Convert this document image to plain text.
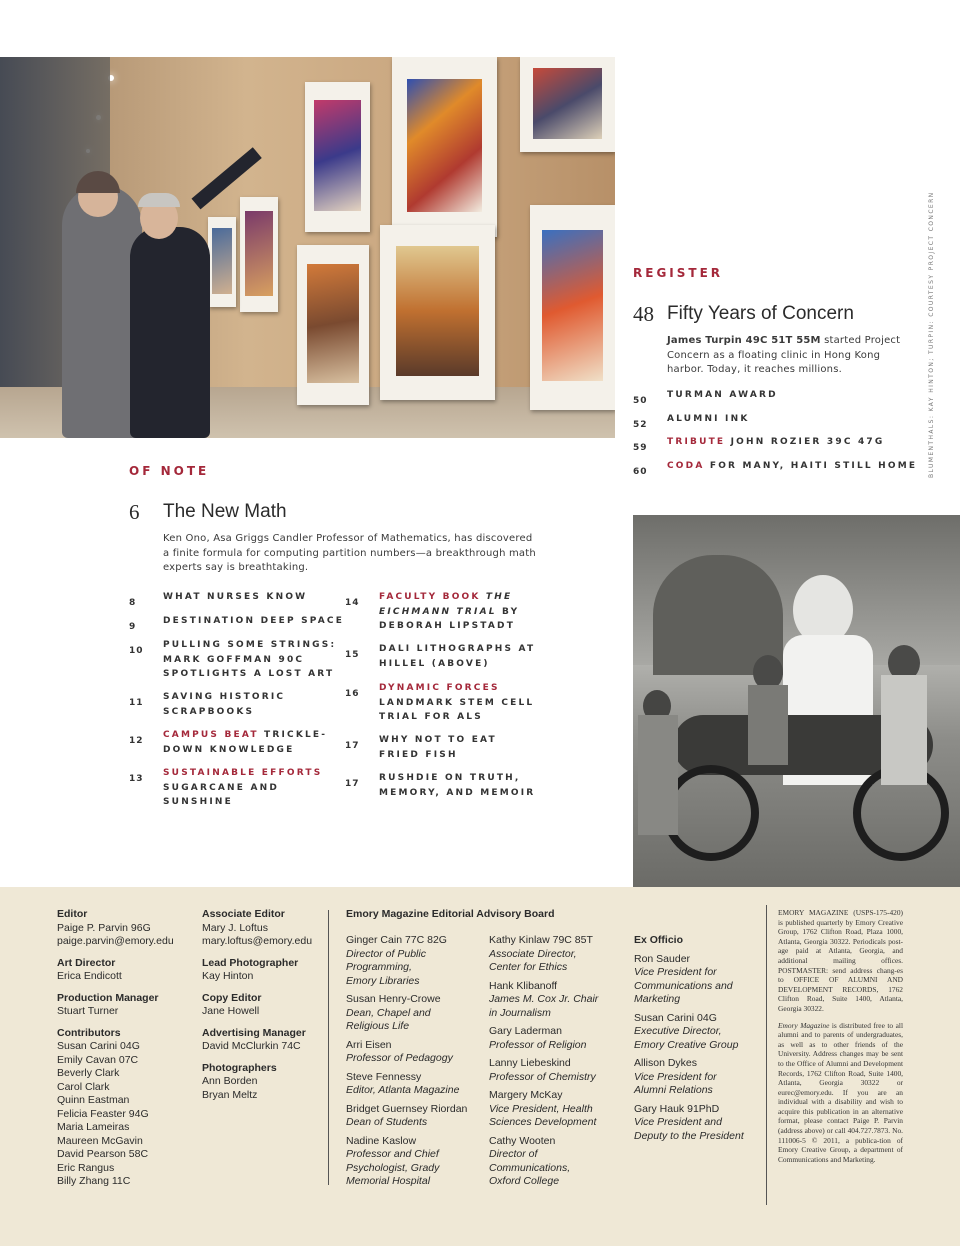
BLUMENTHALS: KAY HINTON; TURPIN: COURTESY PROJECT CONCERN
REGISTER
48 Fifty Years of Concern
James Turpin 49C 51T 55M started Project
Concern as a floating clinic in Hong Kong
harbor. Today, it reaches millions.
50
TURMAN AWARD
52
ALUMNI INK
59
TRIBUTE JOHN ROZIER 39C 47G
60
CODA FOR MANY, HAITI STILL HOME
OF NOTE
6 The New Math
Ken Ono, Asa Griggs Candler Professor of Mathematics, has discovered
a finite formula for computing partition numbers—a breakthrough math
experts say is breathtaking.
8
WHAT NURSES KNOW
9
DESTINATION DEEP SPACE
10
PULLING SOME STRINGS:
MARK GOFFMAN 90C
SPOTLIGHTS A LOST ART
11
SAVING HISTORIC
SCRAPBOOKS
12
CAMPUS BEAT TRICKLE-
DOWN KNOWLEDGE
13
SUSTAINABLE EFFORTS
SUGARCANE AND
SUNSHINE
14
FACULTY BOOK THE
EICHMANN TRIAL BY
DEBORAH LIPSTADT
15
DALI LITHOGRAPHS AT
HILLEL (ABOVE)
16
DYNAMIC FORCES
LANDMARK STEM CELL
TRIAL FOR ALS
17
WHY NOT TO EAT
FRIED FISH
17
RUSHDIE ON TRUTH,
MEMORY, AND MEMOIR
Editor
Paige P. Parvin 96G
paige.parvin@emory.edu
Art Director
Erica Endicott
Production Manager
Stuart Turner
Contributors
Susan Carini 04G
Emily Cavan 07C
Beverly Clark
Carol Clark
Quinn Eastman
Felicia Feaster 94G
Maria Lameiras
Maureen McGavin
David Pearson 58C
Eric Rangus
Billy Zhang 11C
Associate Editor
Mary J. Loftus
mary.loftus@emory.edu
Lead Photographer
Kay Hinton
Copy Editor
Jane Howell
Advertising Manager
David McClurkin 74C
Photographers
Ann Borden
Bryan Meltz
Emory Magazine Editorial Advisory Board
Ginger Cain 77C 82G
Director of Public
Programming,
Emory Libraries
Susan Henry-Crowe
Dean, Chapel and
Religious Life
Arri Eisen
Professor of Pedagogy
Steve Fennessy
Editor, Atlanta Magazine
Bridget Guernsey Riordan
Dean of Students
Nadine Kaslow
Professor and Chief
Psychologist, Grady
Memorial Hospital
Kathy Kinlaw 79C 85T
Associate Director,
Center for Ethics
Hank Klibanoff
James M. Cox Jr. Chair
in Journalism
Gary Laderman
Professor of Religion
Lanny Liebeskind
Professor of Chemistry
Margery McKay
Vice President, Health
Sciences Development
Cathy Wooten
Director of
Communications,
Oxford College
Ex Officio
Ron Sauder
Vice President for
Communications and
Marketing
Susan Carini 04G
Executive Director,
Emory Creative Group
Allison Dykes
Vice President for
Alumni Relations
Gary Hauk 91PhD
Vice President and
Deputy to the President
EMORY MAGAZINE (USPS-175-420) is published quarterly by Emory Creative Group, 1762 Clifton Road, Plaza 1000, Atlanta, Georgia 30322. Periodicals post-age paid at Atlanta, Georgia, and additional mailing offices. POSTMASTER: send address chang-es to OFFICE OF ALUMNI AND DEVELOPMENT RECORDS, 1762 Clifton Road, Suite 1400, Atlanta, Georgia 30322.
Emory Magazine is distributed free to all alumni and to parents of undergraduates, as well as to other friends of the University. Address changes may be sent to the Office of Alumni and Development Records, 1762 Clifton Road, Suite 1400, Atlanta, Georgia 30322 or eurec@emory.edu. If you are an individual with a disability and wish to acquire this publication in an alternative format, please contact Paige P. Parvin (address above) or call 404.727.7873. No. 111006-5 © 2011, a publica-tion of Emory Creative Group, a department of Communications and Marketing.
